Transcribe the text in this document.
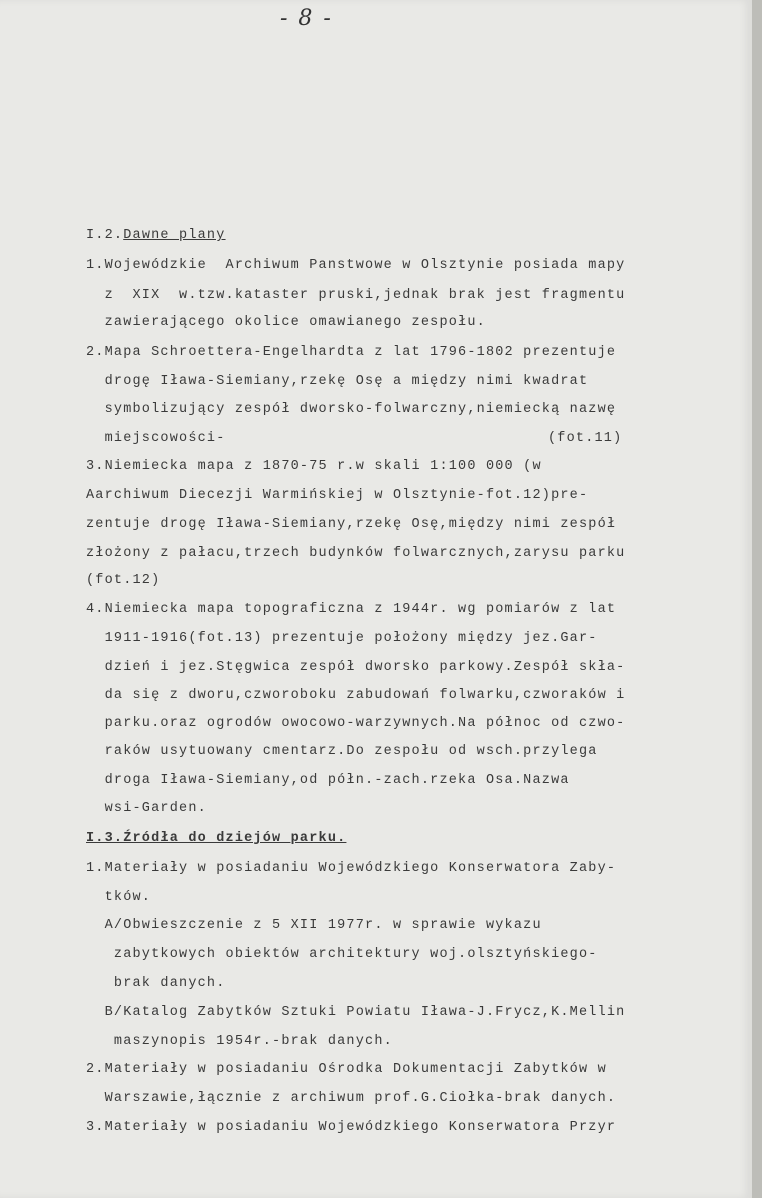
- 8 -
I.2.Dawne plany
1.Wojewódzkie  Archiwum Panstwowe w Olsztynie posiada mapy
z  XIX  w.tzw.kataster pruski,jednak brak jest fragmentu
zawierającego okolice omawianego zespołu.
2.Mapa Schroettera-Engelhardta z lat 1796-1802 prezentuje
drogę Iława-Siemiany,rzekę Osę a między nimi kwadrat
symbolizujący zespół dworsko-folwarczny,niemiecką nazwę
miejscowości-	(fot.11)
3.Niemiecka mapa z 1870-75 r.w skali 1:100 000 (w
Aarchiwum Diecezji Warmińskiej w Olsztynie-fot.12)pre-
zentuje drogę Iława-Siemiany,rzekę Osę,między nimi zespół
złożony z pałacu,trzech budynków folwarcznych,zarysu parku
(fot.12)
4.Niemiecka mapa topograficzna z 1944r. wg pomiarów z lat
1911-1916(fot.13) prezentuje położony między jez.Gar-
dzień i jez.Stęgwica zespół dworsko parkowy.Zespół skła-
da się z dworu,czworoboku zabudowań folwarku,czworaków i
parku.oraz ogrodów owocowo-warzywnych.Na północ od czwo-
raków usytuowany cmentarz.Do zespołu od wsch.przylega
droga Iława-Siemiany,od półn.-zach.rzeka Osa.Nazwa
wsi-Garden.
I.3.Źródła do dziejów parku.
1.Materiały w posiadaniu Wojewódzkiego Konserwatora Zaby-
tków.
A/Obwieszczenie z 5 XII 1977r. w sprawie wykazu
zabytkowych obiektów architektury woj.olsztyńskiego-
brak danych.
B/Katalog Zabytków Sztuki Powiatu Iława-J.Frycz,K.Mellin
maszynopis 1954r.-brak danych.
2.Materiały w posiadaniu Ośrodka Dokumentacji Zabytków w
Warszawie,łącznie z archiwum prof.G.Ciołka-brak danych.
3.Materiały w posiadaniu Wojewódzkiego Konserwatora Przyr
